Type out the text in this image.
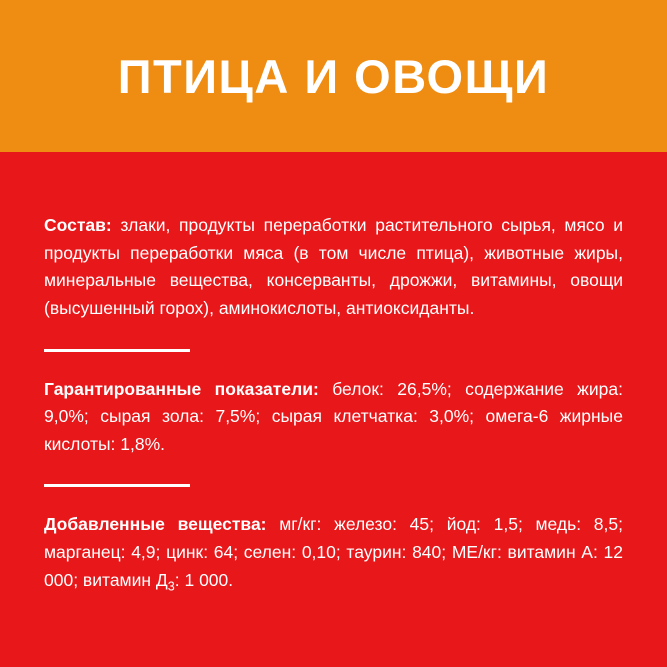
ПТИЦА И ОВОЩИ

Состав: злаки, продукты переработки растительного сырья, мясо и продукты переработки мяса (в том числе птица), животные жиры, минеральные вещества, консерванты, дрожжи, витамины, овощи (высушенный горох), аминокислоты, антиоксиданты.

Гарантированные показатели: белок: 26,5%; содержание жира: 9,0%; сырая зола: 7,5%; сырая клетчатка: 3,0%; омега-6 жирные кислоты: 1,8%.

Добавленные вещества: мг/кг: железо: 45; йод: 1,5; медь: 8,5; марганец: 4,9; цинк: 64; селен: 0,10; таурин: 840; МЕ/кг: витамин А: 12 000; витамин $Д_3$: 1 000.
